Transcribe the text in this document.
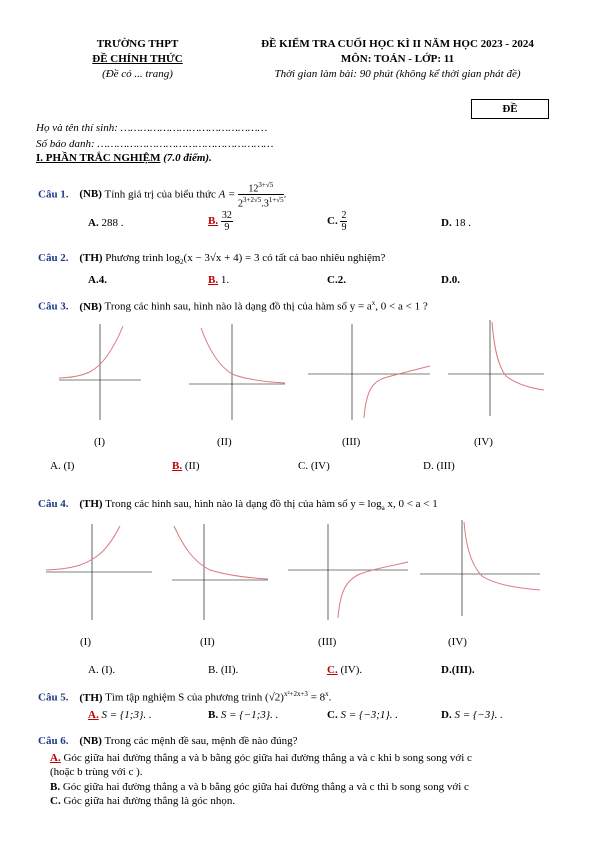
TRƯỜNG THPT
ĐỀ CHÍNH THỨC
(Đề có ... trang)
ĐỀ KIỂM TRA CUỐI HỌC KÌ II NĂM HỌC 2023 - 2024
MÔN: TOÁN - LỚP: 11
Thời gian làm bài: 90 phút (không kể thời gian phát đề)
ĐỀ
Họ và tên thí sinh: ………………………………………
Số báo danh: ………………………………………………
I. PHẦN TRẮC NGHIỆM (7.0 điểm).
Câu 1. (NB) Tính giá trị của biểu thức $A = \frac{12^{3+√5}}{2^{3+2√5}.3^{1+√5}}$ .
A. 288 .	B. $\frac{32}{9}$	C. $\frac{2}{9}$	D. 18 .
Câu 2. (TH) Phương trình $\log_2(x - 3√x + 4) = 3$ có tất cả bao nhiêu nghiệm?
A.4.	B. 1.	C.2.	D.0.
Câu 3. (NB) Trong các hình sau, hình nào là dạng đồ thị của hàm số $y = a^x$, 0 < a < 1 ?
(I)	(II)	(III)	(IV)
A. (I)	B. (II)	C. (IV)	D. (III)
Câu 4. (TH) Trong các hình sau, hình nào là dạng đồ thị của hàm số $y = \log_a x$, 0 < a < 1
(I)	(II)	(III)	(IV)
A. (I).	B. (II).	C. (IV).	D.(III).
Câu 5. (TH) Tìm tập nghiệm S của phương trình $(√2)^{x^2+2x+3} = 8^x$.
A. S = {1;3}. .	B. S = {−1;3}. .	C. S = {−3;1}. .	D. S = {−3}. .
Câu 6. (NB) Trong các mệnh đề sau, mệnh đề nào đúng?
A. Góc giữa hai đường thẳng a và b bằng góc giữa hai đường thẳng a và c khi b song song với c
(hoặc b trùng với c ).
B. Góc giữa hai đường thẳng a và b bằng góc giữa hai đường thẳng a và c thì b song song với c
C. Góc giữa hai đường thẳng là góc nhọn.
